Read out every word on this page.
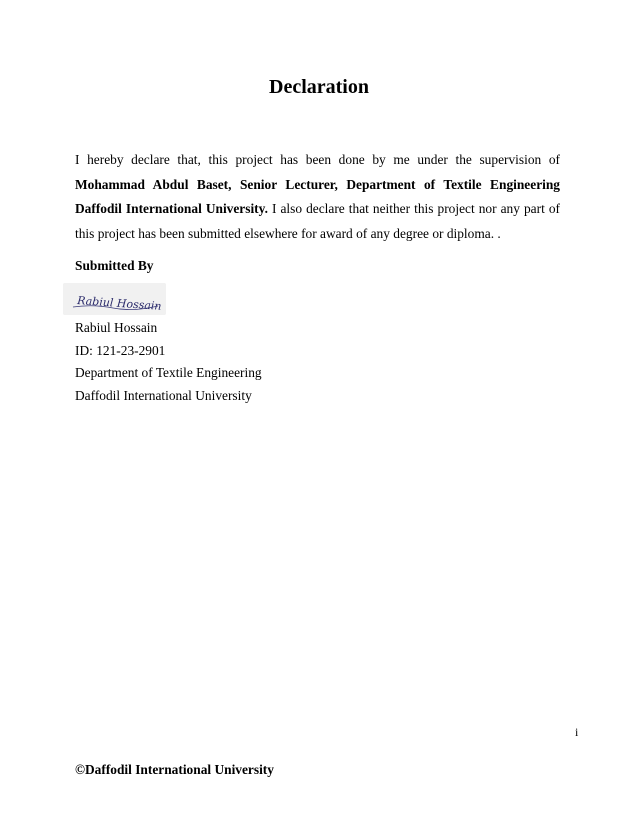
Declaration

I hereby declare that, this project has been done by me under the supervision of Mohammad Abdul Baset, Senior Lecturer, Department of Textile Engineering Daffodil International University. I also declare that neither this project nor any part of this project has been submitted elsewhere for award of any degree or diploma. .

Submitted By
Rabiul Hossain
Rabiul Hossain
ID: 121-23-2901
Department of Textile Engineering
Daffodil International University
i
©Daffodil International University
